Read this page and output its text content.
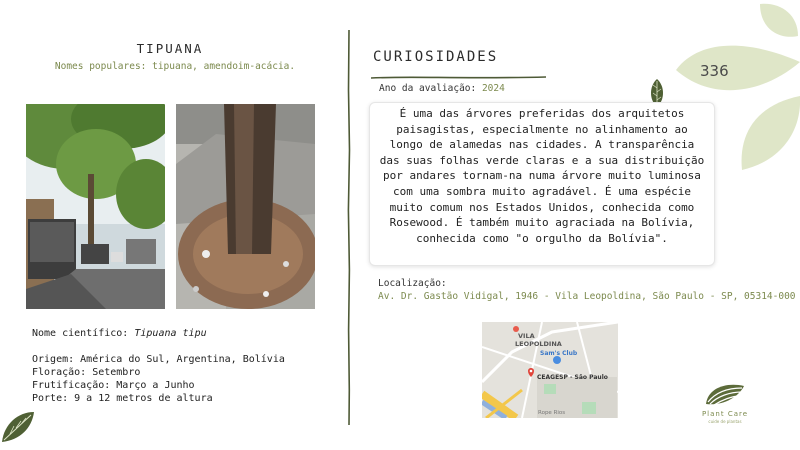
TIPUANA
Nomes populares: tipuana, amendoim-acácia.
Nome científico: Tipuana tipu
Origem: América do Sul, Argentina, Bolívia
Floração: Setembro
Frutificação: Março a Junho
Porte: 9 a 12 metros de altura
CURIOSIDADES
Ano da avaliação: 2024

É uma das árvores preferidas dos arquitetos paisagistas, especialmente no alinhamento ao longo de alamedas nas cidades. A transparência das suas folhas verde claras e a sua distribuição por andares tornam-na numa árvore muito luminosa com uma sombra muito agradável. É uma espécie muito comum nos Estados Unidos, conhecida como Rosewood. É também muito agraciada na Bolívia, conhecida como "o orgulho da Bolívia".

Localização:
Av. Dr. Gastão Vidigal, 1946 - Vila Leopoldina, São Paulo - SP, 05314-000
VILA
LEOPOLDINA
Sam's Club
CEAGESP - São Paulo
Rope Rios
336
Plant Care
cuide de plantas
